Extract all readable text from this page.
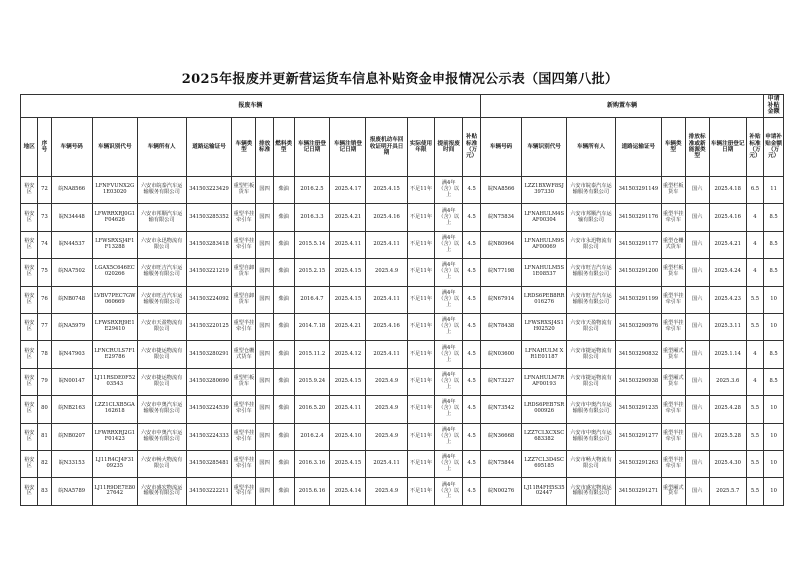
2025年报废并更新营运货车信息补贴资金申报情况公示表（国四第八批）
报废车辆															新购置车辆								申请补贴金额
地区	序号	车辆号码	车辆识别代号	车辆所有人	道路运输证号	车辆类型	排放标准	燃料类型	车辆注册登记日期	车辆注销登记日期	报废机动车回收证明开具日期	实际使用年限	提前报废时间	补贴标准（万元）	车辆号码	车辆识别代号	车辆所有人	道路运输证号	车辆类型	排放标准或新能源类型	车辆注册登记日期	补贴标准（万元）	申请补贴金额（万元）
裕安区	72	皖NA8566	LFNFVUNX2G1E03020	六安市皖泰汽车运输服务有限公司	341503223429	重型栏板货车	国四	柴油	2016.2.5	2025.4.17	2025.4.15	不足11年	满4年（含）以上	4.5	皖NA8566	LZZ1BXWF8SJ397330	六安市皖泰汽车运输服务有限公司	341503291149	重型栏板货车	国六	2025.4.18	6.5	11
裕安区	73	皖N34448	LFWRRXRJ0G1F04626	六安市邦顺汽车运输有限公司	341503285352	重型半挂牵引车	国四	柴油	2016.3.3	2025.4.21	2025.4.16	不足11年	满4年（含）以上	4.5	皖N75834	LFNAHULM4SAF00304	六安市邦顺汽车运输有限公司	341503291176	重型半挂牵引车	国六	2025.4.16	4	8.5
裕安区	74	皖N44537	LFWSRXSJ4F1F13288	六安市永迅物流有限公司	341503283418	重型半挂牵引车	国四	柴油	2015.5.14	2025.4.11	2025.4.11	不足11年	满4年（含）以上	4.5	皖N80964	LFNAHULM9SAF00069	六安市永迅物流有限公司	341503291177	重型仓栅式货车	国六	2025.4.21	4	8.5
裕安区	75	皖NA7502	LGAX5C646EC020266	六安市旺吉汽车运输服务有限公司	341503221219	重型自卸货车	国四	柴油	2015.2.15	2025.4.15	2025.4.9	不足11年	满4年（含）以上	4.5	皖N77198	LFNAHULM5S1E08537	六安市旺吉汽车运输服务有限公司	341503291200	重型栏板货车	国六	2025.4.24	4	8.5
裕安区	76	皖NB0748	LVBV7PEC7GW060669	六安市旺吉汽车运输服务有限公司	341503224092	重型自卸货车	国四	柴油	2016.4.7	2025.4.15	2025.4.11	不足11年	满4年（含）以上	4.5	皖N67914	LRDS6PEB8RR016276	六安市旺吉汽车运输服务有限公司	341503291199	重型半挂牵引车	国六	2025.4.23	5.5	10
裕安区	77	皖NA5979	LFWSRXRJ9E1E29410	六安市天盈物流有限公司	341503220125	重型半挂牵引车	国四	柴油	2014.7.18	2025.4.21	2025.4.16	不足11年	满4年（含）以上	4.5	皖N78438	LFWSRXSJ4S1H02520	六安市天盈物流有限公司	341503290976	重型半挂牵引车	国六	2025.3.11	5.5	10
裕安区	78	皖N47903	LFNCRULS7F1E29786	六安市捷运物流有限公司	341503280291	重型仓栅式货车	国四	柴油	2015.11.2	2025.4.12	2025.4.11	不足11年	满4年（含）以上	4.5	皖N03600	LFNAHULM XR1E01187	六安市捷运物流有限公司	341503290832	重型厢式货车	国六	2025.1.14	4	8.5
裕安区	79	皖N00147	LJ11RSDE0F5203543	六安市捷运物流有限公司	341503280690	重型栏板货车	国四	柴油	2015.9.24	2025.4.15	2025.4.9	不足11年	满4年（含）以上	4.5	皖N73227	LFNAHULM7RAF00193	六安市捷运物流有限公司	341503290938	重型厢式货车	国六	2025.3.6	4	8.5
裕安区	80	皖NB2163	LZZ1CLXB5GA162618	六安市中奥汽车运输服务有限公司	341503224539	重型半挂牵引车	国四	柴油	2016.5.20	2025.4.11	2025.4.9	不足11年	满4年（含）以上	4.5	皖N73542	LRDS6PEB7SR000926	六安市中奥汽车运输服务有限公司	341503291235	重型半挂牵引车	国六	2025.4.28	5.5	10
裕安区	81	皖NB0207	LFWRRXRJ2G1F01423	六安市中奥汽车运输服务有限公司	341503224333	重型半挂牵引车	国四	柴油	2016.2.4	2025.4.10	2025.4.9	不足11年	满4年（含）以上	4.5	皖N36668	LZZ7CLXCXSC683382	六安市中奥汽车运输服务有限公司	341503291277	重型半挂牵引车	国六	2025.5.28	5.5	10
裕安区	82	皖N33153	LJ11R4CJ4F3109235	六安市畅大物流有限公司	341503285481	重型半挂牵引车	国四	柴油	2016.3.16	2025.4.15	2025.4.11	不足11年	满4年（含）以上	4.5	皖N75844	LZZ7CL3D4SC695185	六安市畅大物流有限公司	341503291263	重型半挂牵引车	国六	2025.4.30	5.5	10
裕安区	83	皖NA5789	LJ11R9DE7E8027642	六安市盛宏物流运输服务有限公司	341503222211	重型半挂牵引车	国四	柴油	2015.6.16	2025.4.14	2025.4.9	不足11年	满4年（含）以上	4.5	皖N00276	LJ11R4FH5S3502447	六安市盛宏物流运输服务有限公司	341503291271	重型厢式货车	国六	2025.5.7	5.5	10
